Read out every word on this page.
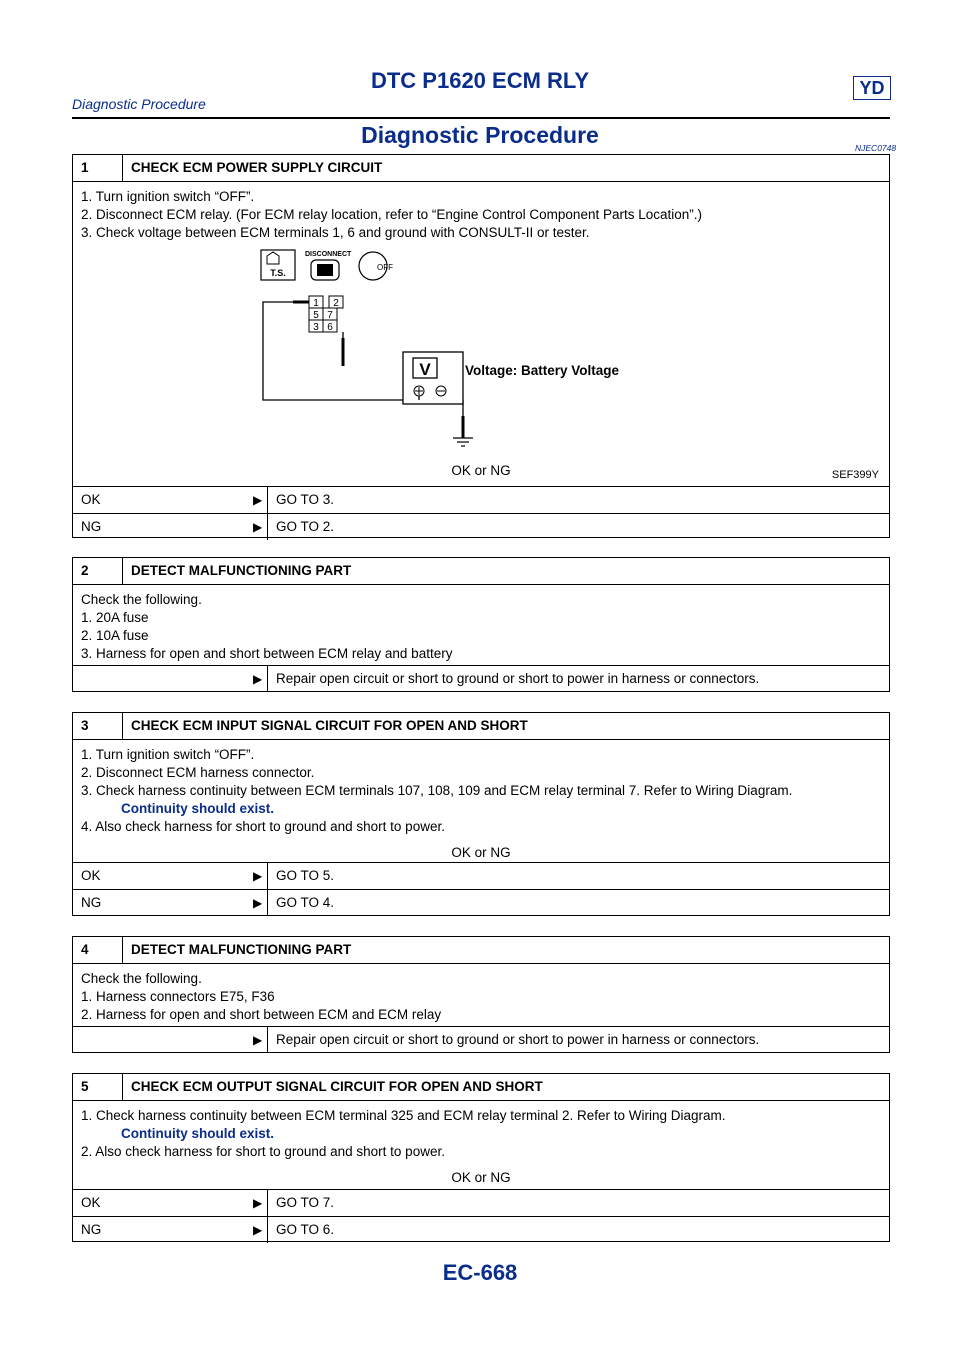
DTC P1620 ECM RLY	YD
Diagnostic Procedure
Diagnostic Procedure	NJEC0748
1	CHECK ECM POWER SUPPLY CIRCUIT
1. Turn ignition switch “OFF”.
2. Disconnect ECM relay. (For ECM relay location, refer to “Engine Control Component Parts Location”.)
3. Check voltage between ECM terminals 1, 6 and ground with CONSULT-II or tester.
T.S.
DISCONNECT
OFF
1 2
5 7
3 6
V	Voltage: Battery Voltage
SEF399Y
OK or NG
OK	▶	GO TO 3.
NG	▶	GO TO 2.
2	DETECT MALFUNCTIONING PART
Check the following.
1. 20A fuse
2. 10A fuse
3. Harness for open and short between ECM relay and battery
▶	Repair open circuit or short to ground or short to power in harness or connectors.
3	CHECK ECM INPUT SIGNAL CIRCUIT FOR OPEN AND SHORT
1. Turn ignition switch “OFF”.
2. Disconnect ECM harness connector.
3. Check harness continuity between ECM terminals 107, 108, 109 and ECM relay terminal 7. Refer to Wiring Diagram.
Continuity should exist.
4. Also check harness for short to ground and short to power.
OK or NG
OK	▶	GO TO 5.
NG	▶	GO TO 4.
4	DETECT MALFUNCTIONING PART
Check the following.
1. Harness connectors E75, F36
2. Harness for open and short between ECM and ECM relay
▶	Repair open circuit or short to ground or short to power in harness or connectors.
5	CHECK ECM OUTPUT SIGNAL CIRCUIT FOR OPEN AND SHORT
1. Check harness continuity between ECM terminal 325 and ECM relay terminal 2. Refer to Wiring Diagram.
Continuity should exist.
2. Also check harness for short to ground and short to power.
OK or NG
OK	▶	GO TO 7.
NG	▶	GO TO 6.
EC-668
